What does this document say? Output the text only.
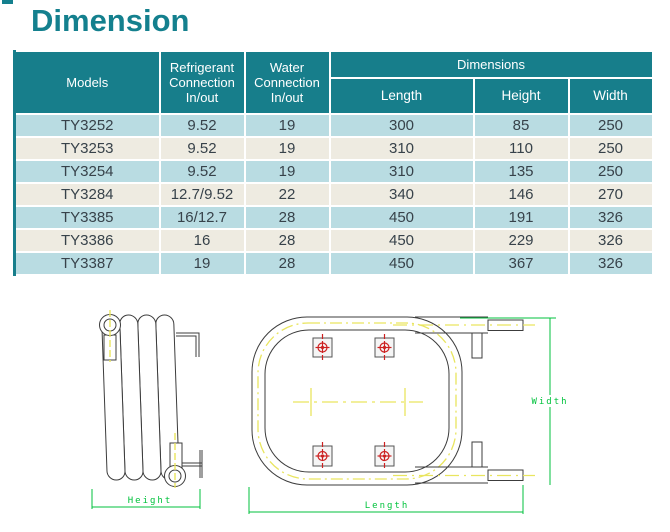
Dimension
Models	Refrigerant Connection In/out	Water Connection In/out	Dimensions		
			Length	Height	Width
TY3252	9.52	19	300	85	250
TY3253	9.52	19	310	110	250
TY3254	9.52	19	310	135	250
TY3284	12.7/9.52	22	340	146	270
TY3385	16/12.7	28	450	191	326
TY3386	16	28	450	229	326
TY3387	19	28	450	367	326
Height
Width
Length
